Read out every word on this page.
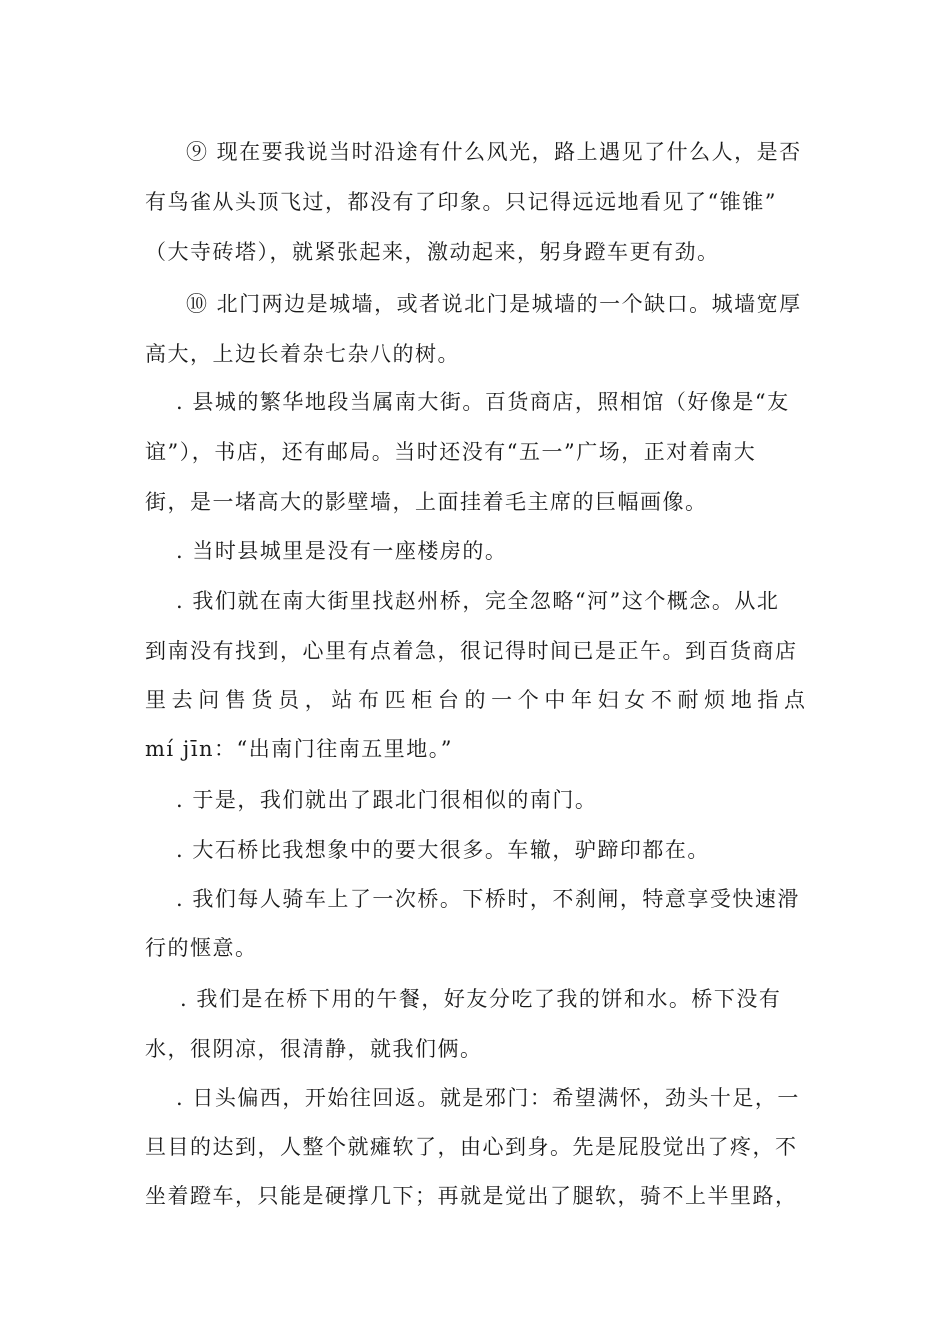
⑨ 现在要我说当时沿途有什么风光，路上遇见了什么人，是否
有鸟雀从头顶飞过，都没有了印象。只记得远远地看见了“锥锥”
（大寺砖塔），就紧张起来，激动起来，躬身蹬车更有劲。
⑩ 北门两边是城墙，或者说北门是城墙的一个缺口。城墙宽厚
高大，上边长着杂七杂八的树。
. 县城的繁华地段当属南大街。百货商店，照相馆（好像是“友
谊”），书店，还有邮局。当时还没有“五一”广场，正对着南大
街，是一堵高大的影壁墙，上面挂着毛主席的巨幅画像。
. 当时县城里是没有一座楼房的。
. 我们就在南大街里找赵州桥，完全忽略“河”这个概念。从北
到南没有找到，心里有点着急，很记得时间已是正午。到百货商店
里 去 问 售 货 员 ， 站 布 匹 柜 台 的 一 个 中 年 妇 女 不 耐 烦 地 指 点
mí jīn：“出南门往南五里地。”
. 于是，我们就出了跟北门很相似的南门。
. 大石桥比我想象中的要大很多。车辙，驴蹄印都在。
. 我们每人骑车上了一次桥。下桥时，不刹闸，特意享受快速滑
行的惬意。
. 我们是在桥下用的午餐，好友分吃了我的饼和水。桥下没有
水，很阴凉，很清静，就我们俩。
. 日头偏西，开始往回返。就是邪门：希望满怀，劲头十足，一
旦目的达到，人整个就瘫软了，由心到身。先是屁股觉出了疼，不
坐着蹬车，只能是硬撑几下；再就是觉出了腿软，骑不上半里路，
